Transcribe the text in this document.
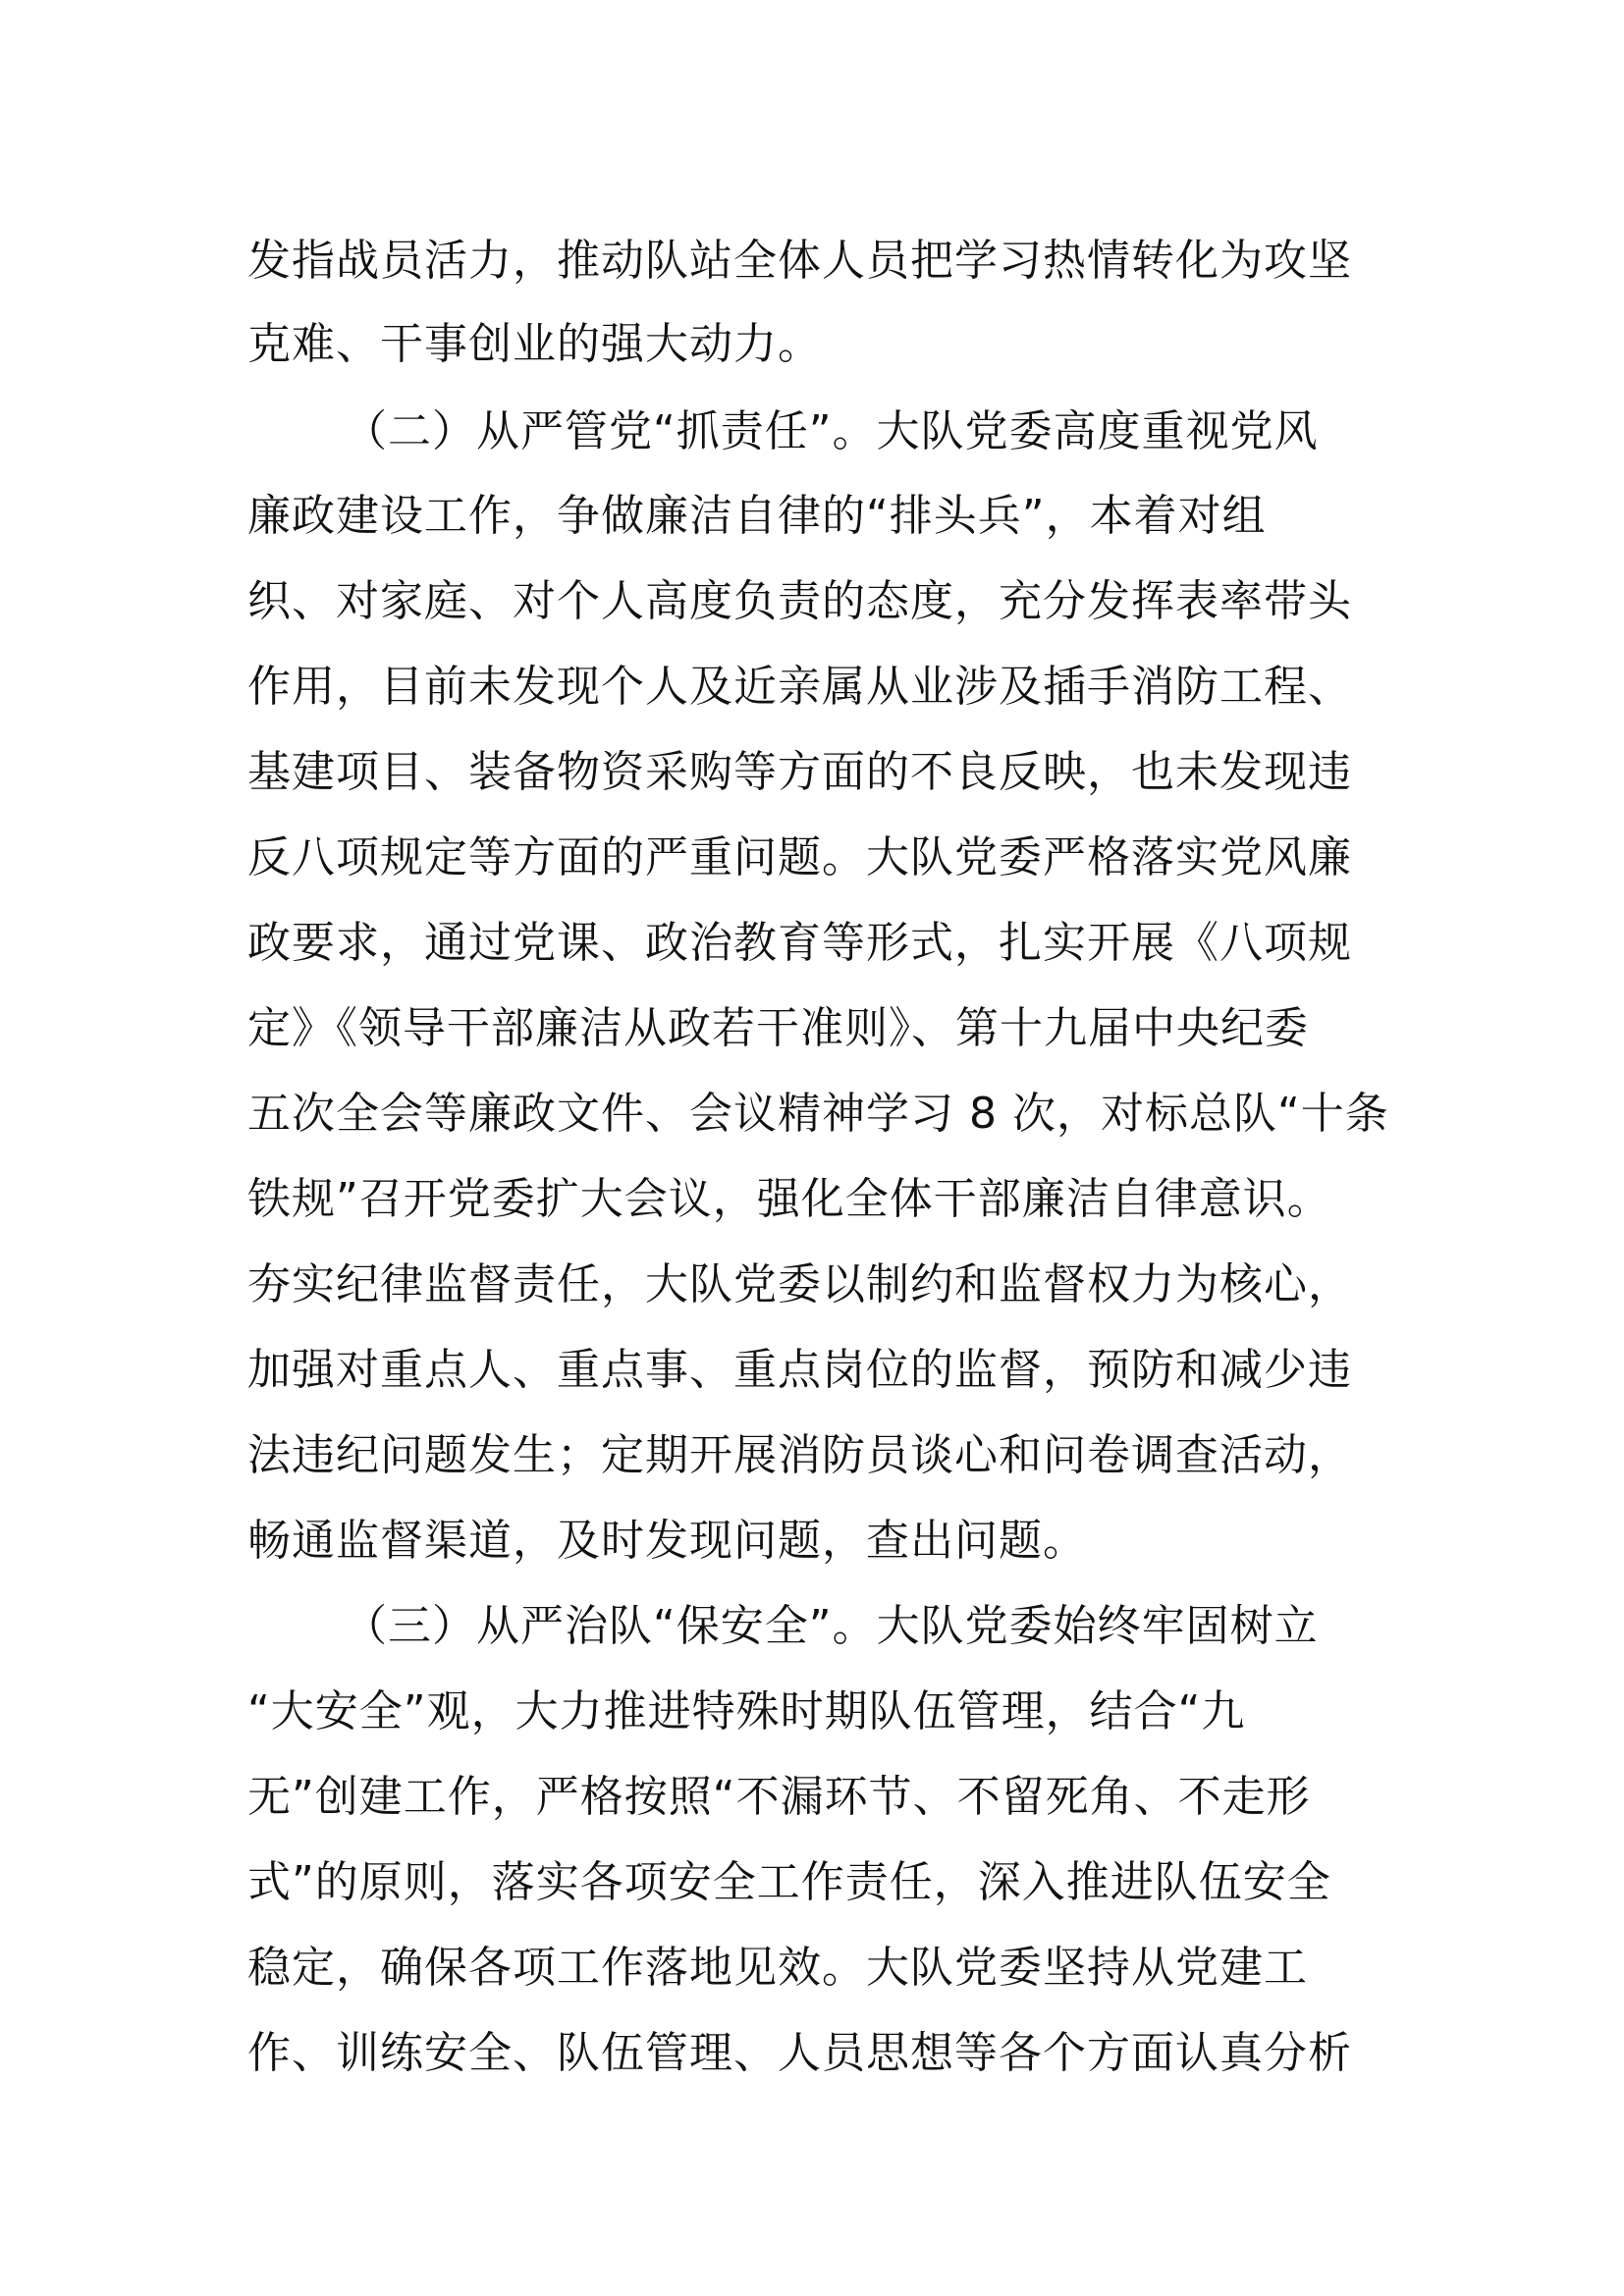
发指战员活力，推动队站全体人员把学习热情转化为攻坚

克难、干事创业的强大动力。

（二）从严管党“抓责任”。大队党委高度重视党风

廉政建设工作，争做廉洁自律的“排头兵”，本着对组

织、对家庭、对个人高度负责的态度，充分发挥表率带头

作用，目前未发现个人及近亲属从业涉及插手消防工程、

基建项目、装备物资采购等方面的不良反映，也未发现违

反八项规定等方面的严重问题。大队党委严格落实党风廉

政要求，通过党课、政治教育等形式，扎实开展《八项规

定》《领导干部廉洁从政若干准则》、第十九届中央纪委

五次全会等廉政文件、会议精神学习 8 次，对标总队“十条

铁规”召开党委扩大会议，强化全体干部廉洁自律意识。

夯实纪律监督责任，大队党委以制约和监督权力为核心，

加强对重点人、重点事、重点岗位的监督，预防和减少违

法违纪问题发生；定期开展消防员谈心和问卷调查活动，

畅通监督渠道，及时发现问题，查出问题。

（三）从严治队“保安全”。大队党委始终牢固树立

“大安全”观，大力推进特殊时期队伍管理，结合“九

无”创建工作，严格按照“不漏环节、不留死角、不走形

式”的原则，落实各项安全工作责任，深入推进队伍安全

稳定，确保各项工作落地见效。大队党委坚持从党建工

作、训练安全、队伍管理、人员思想等各个方面认真分析
